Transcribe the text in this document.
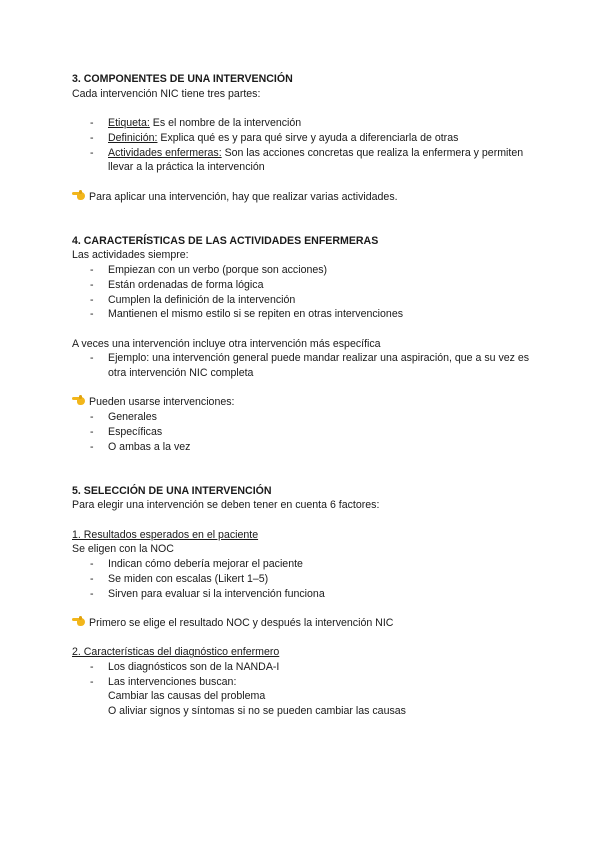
3. COMPONENTES DE UNA INTERVENCIÓN

Cada intervención NIC tiene tres partes:

- Etiqueta: Es el nombre de la intervención
- Definición: Explica qué es y para qué sirve y ayuda a diferenciarla de otras
- Actividades enfermeras: Son las acciones concretas que realiza la enfermera y permiten llevar a la práctica la intervención

Para aplicar una intervención, hay que realizar varias actividades.

4. CARACTERÍSTICAS DE LAS ACTIVIDADES ENFERMERAS

Las actividades siempre:

- Empiezan con un verbo (porque son acciones)
- Están ordenadas de forma lógica
- Cumplen la definición de la intervención
- Mantienen el mismo estilo si se repiten en otras intervenciones

A veces una intervención incluye otra intervención más específica

- Ejemplo: una intervención general puede mandar realizar una aspiración, que a su vez es otra intervención NIC completa

Pueden usarse intervenciones:

- Generales
- Específicas
- O ambas a la vez

5. SELECCIÓN DE UNA INTERVENCIÓN

Para elegir una intervención se deben tener en cuenta 6 factores:

1. Resultados esperados en el paciente

Se eligen con la NOC

- Indican cómo debería mejorar el paciente
- Se miden con escalas (Likert 1–5)
- Sirven para evaluar si la intervención funciona

Primero se elige el resultado NOC y después la intervención NIC

2. Características del diagnóstico enfermero

- Los diagnósticos son de la NANDA-I
- Las intervenciones buscan:
Cambiar las causas del problema
O aliviar signos y síntomas si no se pueden cambiar las causas
